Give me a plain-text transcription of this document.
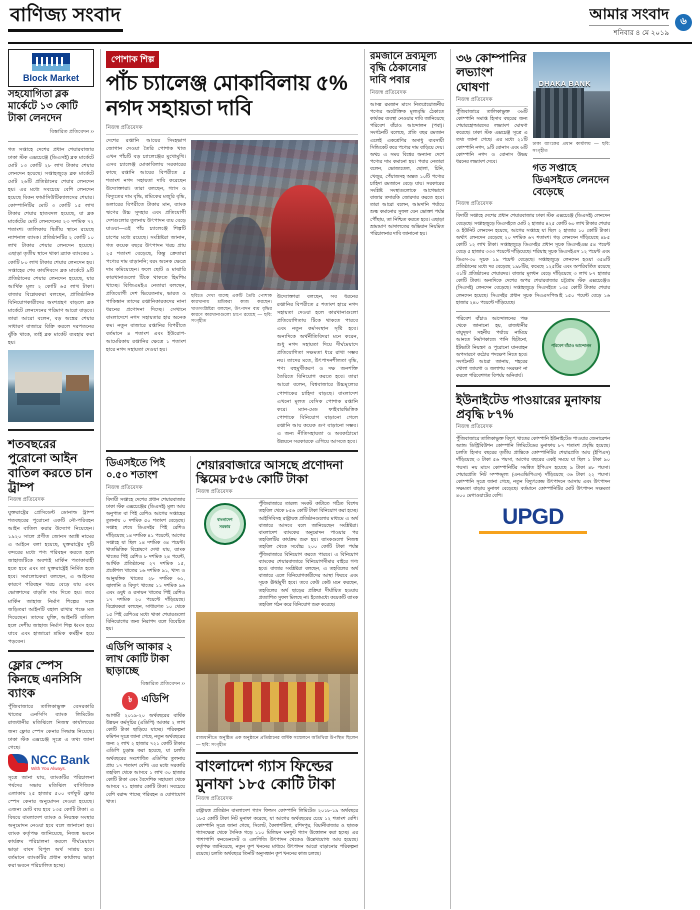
বাণিজ্য সংবাদ	আমার সংবাদ
শনিবার ৪ মে ২০১৯
৬
Block Market
সহযোগিতা ব্লক মার্কেটে ১৩ কোটি টাকা লেনদেন
বিস্তারিত প্রতিবেদন ››
গত সপ্তাহে দেশের প্রধান শেয়ারবাজার ঢাকা স্টক এক্সচেঞ্জে (ডিএসই) ব্লক মার্কেটে মোট ১৩ কোটি ২৮ লাখ টাকার শেয়ার লেনদেন হয়েছে। সপ্তাহজুড়ে ব্লক মার্কেটে মোট ২৬টি প্রতিষ্ঠানের শেয়ার লেনদেন হয়। এর মধ্যে সবচেয়ে বেশি লেনদেন হয়েছে বিকন ফার্মাসিউটিক্যালসের শেয়ার। কোম্পানিটির মোট ৩ কোটি ১৫ লাখ টাকার শেয়ার হাতবদল হয়েছে, যা ব্লক মার্কেটের মোট লেনদেনের ২৩ দশমিক ৭২ শতাংশ। তালিকায় দ্বিতীয় স্থানে রয়েছে ন্যাশনাল ব্যাংক। প্রতিষ্ঠানটির ২ কোটি ১০ লাখ টাকার শেয়ার লেনদেন হয়েছে। এছাড়া তৃতীয় স্থানে থাকা ব্র্যাক ব্যাংকের ১ কোটি ৮০ লাখ টাকার শেয়ার লেনদেন হয়। সপ্তাহের শেষ কার্যদিবসে ব্লক মার্কেটে ৯টি প্রতিষ্ঠানের শেয়ার লেনদেন হয়েছে, যার আর্থিক মূল্য ২ কোটি ৬৫ লাখ টাকা। বাজার বিশ্লেষকরা বলছেন, প্রাতিষ্ঠানিক বিনিয়োগকারীদের অংশগ্রহণ বাড়লে ব্লক মার্কেটে লেনদেনের পরিমাণ আরো বাড়বে। তারা আরো বলেন, বড় অঙ্কের শেয়ার সাধারণ বাজারে বিক্রি করলে দরপতনের ঝুঁকি থাকে, তাই ব্লক মার্কেট ব্যবহার করা হয়।
শতবছরের পুরোনো আইন বাতিল করতে চান ট্রাম্প
নিজস্ব প্রতিবেদক
যুক্তরাষ্ট্রের প্রেসিডেন্ট ডোনাল্ড ট্রাম্প শতবছরের পুরোনো একটি নৌ-পরিবহন আইন বাতিল করার উদ্যোগ নিয়েছেন। ১৯২০ সালে প্রণীত জোনস অ্যাক্ট নামের এ আইনে বলা হয়েছে, যুক্তরাষ্ট্রের দুটি বন্দরের মধ্যে পণ্য পরিবহন করতে হলে জাহাজটিকে অবশ্যই মার্কিন পতাকাবাহী হতে হবে এবং তা যুক্তরাষ্ট্রেই নির্মিত হতে হবে। সমালোচকরা বলছেন, এ আইনের কারণে পরিবহন খরচ বেড়ে যায় এবং ভোক্তাদের বাড়তি দাম দিতে হয়। তবে মার্কিন জাহাজ নির্মাণ শিল্পের সঙ্গে জড়িতরা আইনটি বহাল রাখার পক্ষে মত দিয়েছেন। তাদের যুক্তি, আইনটি বাতিল হলে দেশীয় জাহাজ নির্মাণ শিল্প ধ্বংস হয়ে যাবে এবং হাজারো শ্রমিক কর্মহীন হয়ে পড়বেন।
ফ্লোর স্পেস কিনছে এনসিসি ব্যাংক
পুঁজিবাজারে তালিকাভুক্ত বেসরকারি খাতের এনসিসি ব্যাংক লিমিটেড রাজধানীর মতিঝিলে নিজস্ব কার্যালয়ের জন্য ফ্লোর স্পেস কেনার সিদ্ধান্ত নিয়েছে। ঢাকা স্টক এক্সচেঞ্জ সূত্রে এ তথ্য জানা গেছে।
NCC Bank
With You Always.
সূত্রে জানা যায়, ব্যাংকটির পরিচালনা পর্ষদের সভায় মতিঝিল বাণিজ্যিক এলাকায় ২৫ হাজার ৫০০ বর্গফুট ফ্লোর স্পেস কেনার অনুমোদন দেওয়া হয়েছে। এজন্য মোট ব্যয় হবে ১৩৫ কোটি টাকা। এ বিষয়ে বাংলাদেশ ব্যাংক ও নিয়ন্ত্রক সংস্থার অনুমোদন নেওয়া হবে বলে জানানো হয়। ব্যাংক কর্তৃপক্ষ জানিয়েছে, নিজস্ব ভবনে কার্যক্রম পরিচালনা করলে দীর্ঘমেয়াদে ভাড়া বাবদ বিপুল অর্থ সাশ্রয় হবে। বর্তমানে ব্যাংকটির প্রধান কার্যালয় ভাড়া করা ভবনে পরিচালিত হচ্ছে।
পোশাক শিল্প
পাঁচ চ্যালেঞ্জ মোকাবিলায় ৫% নগদ সহায়তা দাবি
নিজস্ব প্রতিবেদক
দেশের রপ্তানি আয়ের সিংহভাগ জোগান দেওয়া তৈরি পোশাক খাত এখন পাঁচটি বড় চ্যালেঞ্জের মুখোমুখি। এসব চ্যালেঞ্জ মোকাবিলায় সরকারের কাছে রপ্তানি আয়ের বিপরীতে ৫ শতাংশ নগদ সহায়তা দাবি করেছেন উদ্যোক্তারা। তারা বলছেন, গ্যাস ও বিদ্যুতের দাম বৃদ্ধি, শ্রমিকের মজুরি বৃদ্ধি, ডলারের বিপরীতে টাকার মান, ব্যাংক ঋণের উচ্চ সুদহার এবং প্রতিযোগী দেশগুলোর তুলনায় উৎপাদন ব্যয় বেড়ে যাওয়া—এই পাঁচ চ্যালেঞ্জে শিল্পটি চাপের মধ্যে রয়েছে। সংশ্লিষ্টরা জানান, গত কয়েক বছরে উৎপাদন খরচ প্রায় ২৫ শতাংশ বেড়েছে, কিন্তু ক্রেতারা পণ্যের দাম বাড়াননি; বরং অনেক ক্ষেত্রে দাম কমিয়েছেন। ফলে ছোট ও মাঝারি কারখানাগুলো টিকে থাকতে হিমশিম খাচ্ছে। বিজিএমইএ নেতারা বলছেন, প্রতিযোগী দেশ ভিয়েতনাম, ভারত ও পাকিস্তান তাদের রপ্তানিকারকদের নানা ধরনের প্রণোদনা দিচ্ছে। সেখানে বাংলাদেশে নগদ সহায়তার হার অনেক কম। নতুন বাজারে রপ্তানির বিপরীতে বর্তমানে ৪ শতাংশ এবং ইউরোপ-আমেরিকায় রপ্তানির ক্ষেত্রে ১ শতাংশ হারে নগদ সহায়তা দেওয়া হয়।
ছবিতে দেখা যাচ্ছে একটি তৈরি পোশাক কারখানায় শ্রমিকরা কাজ করছেন। খাতসংশ্লিষ্টরা বলছেন, উৎপাদন ব্যয় বৃদ্ধির কারণে কারখানাগুলো চাপে রয়েছে — ছবি: সংগৃহীত
উদ্যোক্তারা বলছেন, সব ধরনের রপ্তানির বিপরীতে ৫ শতাংশ হারে নগদ সহায়তা দেওয়া হলে কারখানাগুলো প্রতিযোগিতায় টিকে থাকতে পারবে এবং নতুন কর্মসংস্থান সৃষ্টি হবে। অন্যদিকে অর্থনীতিবিদরা মনে করেন, শুধু নগদ সহায়তা দিয়ে দীর্ঘমেয়াদে প্রতিযোগিতা সক্ষমতা ধরে রাখা সম্ভব নয়। তাদের মতে, উৎপাদনশীলতা বৃদ্ধি, পণ্য বহুমুখীকরণ ও দক্ষ জনশক্তি তৈরিতে বিনিয়োগ করতে হবে। তারা আরো বলেন, বিশ্ববাজারে উচ্চমূল্যের পোশাকের চাহিদা বাড়ছে। বাংলাদেশ এখনো মূলত বেসিক পোশাক রপ্তানি করে। ম্যান-মেড ফাইবারভিত্তিক পোশাকে বিনিয়োগ বাড়ানো গেলে রপ্তানি আয় কয়েক গুণ বাড়ানো সম্ভব। এ জন্য নীতিসহায়তা ও অবকাঠামো উন্নয়নে সরকারকে এগিয়ে আসতে হবে।
ডিএসইতে পিই ০.৫০ শতাংশ
নিজস্ব প্রতিবেদক
বিদায়ী সপ্তাহে দেশের প্রধান শেয়ারবাজার ঢাকা স্টক এক্সচেঞ্জের (ডিএসই) মূল্য আয় অনুপাত বা পিই রেশিও আগের সপ্তাহের তুলনায় ০ দশমিক ৫০ শতাংশ বেড়েছে। সপ্তাহ শেষে ডিএসইর পিই রেশিও দাঁড়িয়েছে ১৪ দশমিক ৪১ পয়েন্টে, আগের সপ্তাহে যা ছিল ১৪ দশমিক ৩৪ পয়েন্ট। খাতভিত্তিক বিশ্লেষণে দেখা যায়, ব্যাংক খাতের পিই রেশিও ৮ দশমিক ২৪ পয়েন্ট, আর্থিক প্রতিষ্ঠানের ২৭ দশমিক ১৫, প্রকৌশল খাতের ১৬ দশমিক ৯১, খাদ্য ও আনুষঙ্গিক খাতের ২৮ দশমিক ৬১, জ্বালানি ও বিদ্যুৎ খাতের ১১ দশমিক ৯৬ এবং ওষুধ ও রসায়ন খাতের পিই রেশিও ১৭ দশমিক ২০ পয়েন্টে দাঁড়িয়েছে। বিশ্লেষকরা বলছেন, সাধারণত ১০ থেকে ১৫ পিই রেশিওর মধ্যে থাকা শেয়ারগুলো বিনিয়োগের জন্য নিরাপদ বলে বিবেচিত হয়।
এডিপি আকার ২ লাখ কোটি টাকা ছাড়াচ্ছে
বিস্তারিত প্রতিবেদন ››
৳ এডিপি
আগামী ২০১৯-২০ অর্থবছরের বার্ষিক উন্নয়ন কর্মসূচির (এডিপি) আকার ২ লাখ কোটি টাকা ছাড়িয়ে যাচ্ছে। পরিকল্পনা কমিশন সূত্রে জানা গেছে, নতুন অর্থবছরের জন্য ২ লাখ ২ হাজার ৭২১ কোটি টাকার এডিপি চূড়ান্ত করা হয়েছে, যা চলতি অর্থবছরের সংশোধিত এডিপির তুলনায় প্রায় ১৭ শতাংশ বেশি। এর মধ্যে সরকারি তহবিল থেকে আসবে ১ লাখ ৩০ হাজার কোটি টাকা এবং বৈদেশিক সহায়তা থেকে আসবে ৭১ হাজার কোটি টাকা। সবচেয়ে বেশি বরাদ্দ পাচ্ছে পরিবহন ও যোগাযোগ খাত।
শেয়ারবাজারে আসছে প্রণোদনা স্কিমের ৮৫৬ কোটি টাকা
নিজস্ব প্রতিবেদক
বাংলাদেশ
সরকার
পুঁজিবাজারে তারল্য সংকট কাটাতে গঠিত বিশেষ তহবিল থেকে ৮৫৬ কোটি টাকা বিনিয়োগ করা হচ্ছে। আইসিবিসহ রাষ্ট্রায়ত্ত প্রতিষ্ঠানগুলোর মাধ্যমে এ অর্থ বাজারে আসবে বলে জানিয়েছেন সংশ্লিষ্টরা। বাংলাদেশ ব্যাংকের অনুমোদন পাওয়ার পর তহবিলটির কার্যক্রম শুরু হয়। ব্যাংকগুলো নিজস্ব তহবিল থেকে সর্বোচ্চ ২০০ কোটি টাকা পর্যন্ত পুঁজিবাজারে বিনিয়োগ করতে পারবে। এ বিনিয়োগ ব্যাংকের শেয়ারবাজারে বিনিয়োগসীমার বাইরে গণ্য হবে। বাজার সংশ্লিষ্টরা বলছেন, এ তহবিলের অর্থ বাজারে এলে বিনিয়োগকারীদের আস্থা ফিরবে এবং সূচক ঊর্ধ্বমুখী হবে। তবে কেউ কেউ মনে করছেন, তহবিলের অর্থ ছাড়ের প্রক্রিয়া দীর্ঘায়িত হওয়ায় প্রত্যাশিত সুফল মিলছে না। ইতোমধ্যে কয়েকটি ব্যাংক তহবিল গঠন করে বিনিয়োগ শুরু করেছে।
রাজধানীতে অনুষ্ঠিত এক অনুষ্ঠানে প্রতিষ্ঠানের বার্ষিক সম্মেলনে অতিথিরা উপস্থিত ছিলেন — ছবি: সংগৃহীত
বাংলাদেশ গ্যাস ফিল্ডের মুনাফা ১৮৫ কোটি টাকা
নিজস্ব প্রতিবেদক
রাষ্ট্রায়ত্ত প্রতিষ্ঠান বাংলাদেশ গ্যাস ফিল্ডস কোম্পানি লিমিটেড ২০১৮-১৯ অর্থবছরে ১৮৫ কোটি টাকা নিট মুনাফা করেছে, যা আগের অর্থবছরের চেয়ে ১২ শতাংশ বেশি। কোম্পানি সূত্রে জানা গেছে, সিলেট, কৈলাশটিলা, রশিদপুর, বিয়ানীবাজার ও ছাতক গ্যাসক্ষেত্র থেকে দৈনিক গড়ে ১১০ মিলিয়ন ঘনফুট গ্যাস উত্তোলন করা হচ্ছে। এর পাশাপাশি কনডেনসেট ও এলপিজি উৎপাদন থেকেও উল্লেখযোগ্য আয় হয়েছে। কর্তৃপক্ষ জানিয়েছে, নতুন কূপ খননের মাধ্যমে উৎপাদন আরো বাড়ানোর পরিকল্পনা রয়েছে। চলতি অর্থবছরে তিনটি অনুসন্ধান কূপ খননের কাজ চলছে।
রমজানে দ্রব্যমূল্য বৃদ্ধি ঠেকানোর দাবি পবার
নিজস্ব প্রতিবেদক
আসন্ন রমজান মাসে নিত্যপ্রয়োজনীয় পণ্যের অযৌক্তিক মূল্যবৃদ্ধি ঠেকাতে কার্যকর ব্যবস্থা নেওয়ার দাবি জানিয়েছে পরিবেশ বাঁচাও আন্দোলন (পবা)। সংগঠনটি বলেছে, প্রতি বছর রমজান এলেই একশ্রেণির অসাধু ব্যবসায়ী সিন্ডিকেট করে পণ্যের দাম বাড়িয়ে দেয়। অথচ এ সময় বিশ্বের অন্যান্য দেশে পণ্যের দাম কমানো হয়। পবার নেতারা বলেন, ভোজ্যতেল, ছোলা, চিনি, খেজুর, পেঁয়াজসহ অন্তত ১০টি পণ্যের চাহিদা রমজানে বেড়ে যায়। সরকারের সংশ্লিষ্ট সংস্থাগুলোকে আগেভাগে বাজার তদারকি জোরদার করতে হবে। তারা আরো বলেন, আমদানি পর্যায়ে শুল্ক কমানোর সুফল যেন ভোক্তা পর্যন্ত পৌঁছায়, তা নিশ্চিত করতে হবে। এছাড়া ভ্রাম্যমাণ আদালতের অভিযান নিয়মিত পরিচালনার দাবি জানানো হয়।
৩৬ কোম্পানির লভ্যাংশ ঘোষণা
নিজস্ব প্রতিবেদক
পুঁজিবাজারে তালিকাভুক্ত ৩৬টি কোম্পানি সমাপ্ত হিসাব বছরের জন্য শেয়ারহোল্ডারদের লভ্যাংশ ঘোষণা করেছে। ঢাকা স্টক এক্সচেঞ্জ সূত্রে এ তথ্য জানা গেছে। এর মধ্যে ২১টি কোম্পানি নগদ, ৯টি বোনাস এবং ৬টি কোম্পানি নগদ ও বোনাস উভয় ধরনের লভ্যাংশ দেবে।
DHAKA BANK
ঢাকা ব্যাংকের প্রধান কার্যালয় — ছবি: সংগৃহীত
গত সপ্তাহে ডিএসইতে লেনদেন বেড়েছে
নিজস্ব প্রতিবেদক
বিদায়ী সপ্তাহে দেশের প্রধান শেয়ারবাজার ঢাকা স্টক এক্সচেঞ্জে (ডিএসই) লেনদেন বেড়েছে। সপ্তাহজুড়ে ডিএসইতে মোট ২ হাজার ৪২৫ কোটি ৬০ লাখ টাকার শেয়ার ও ইউনিট লেনদেন হয়েছে, আগের সপ্তাহে যা ছিল ২ হাজার ১০ কোটি টাকা। অর্থাৎ লেনদেন বেড়েছে ২০ দশমিক ৬৭ শতাংশ। গড় লেনদেন দাঁড়িয়েছে ৪৮৫ কোটি ১২ লাখ টাকা। সপ্তাহজুড়ে ডিএসইর প্রধান সূচক ডিএসইএক্স ৫৪ পয়েন্ট বেড়ে ৫ হাজার ৩৩৩ পয়েন্টে দাঁড়িয়েছে। শরিয়াহ সূচক ডিএসইএস ১২ পয়েন্ট এবং ডিএস-৩০ সূচক ১৯ পয়েন্ট বেড়েছে। সপ্তাহজুড়ে লেনদেন হওয়া ৩৫৪টি প্রতিষ্ঠানের মধ্যে দর বেড়েছে ১৯৮টির, কমেছে ১২৫টির এবং অপরিবর্তিত রয়েছে ৩১টি প্রতিষ্ঠানের শেয়ারদর। বাজার মূলধন বেড়ে দাঁড়িয়েছে ৩ লাখ ৮৭ হাজার কোটি টাকা। অন্যদিকে দেশের অপর শেয়ারবাজার চট্টগ্রাম স্টক এক্সচেঞ্জেও (সিএসই) লেনদেন বেড়েছে। সপ্তাহজুড়ে সিএসইতে ১৩৫ কোটি টাকার শেয়ার লেনদেন হয়েছে। সিএসইর প্রধান সূচক সিএএসপিআই ১৫০ পয়েন্ট বেড়ে ১৬ হাজার ২৪০ পয়েন্টে দাঁড়িয়েছে।
পরিবেশ বাঁচাও আন্দোলনের পক্ষ থেকে জানানো হয়, রাজধানীর বায়ুদূষণ সহনীয় পর্যায়ে নামিয়ে আনতে নির্মাণকাজে পানি ছিটানো, ইটভাটা নিয়ন্ত্রণ ও পুরোনো যানবাহন অপসারণে কঠোর পদক্ষেপ নিতে হবে। সংগঠনটি আরো জানায়, শহরের খোলা জায়গা ও জলাশয় সংরক্ষণ না করলে পরিবেশগত বিপর্যয় অনিবার্য।
পরিবেশ বাঁচাও আন্দোলন
ইউনাইটেড পাওয়ারের মুনাফায় প্রবৃদ্ধি ৮৭%
নিজস্ব প্রতিবেদক
পুঁজিবাজারে তালিকাভুক্ত বিদ্যুৎ খাতের কোম্পানি ইউনাইটেড পাওয়ার জেনারেশন অ্যান্ড ডিস্ট্রিবিউশন কোম্পানি লিমিটেডের মুনাফায় ৮৭ শতাংশ প্রবৃদ্ধি হয়েছে। চলতি হিসাব বছরের তৃতীয় প্রান্তিকে কোম্পানিটির শেয়ারপ্রতি আয় (ইপিএস) দাঁড়িয়েছে ৩ টাকা ৫৬ পয়সা, আগের বছরের একই সময়ে যা ছিল ১ টাকা ৯০ পয়সা। নয় মাসে কোম্পানিটির সমন্বিত ইপিএস হয়েছে ৯ টাকা ৪৮ পয়সা। শেয়ারপ্রতি নিট সম্পদমূল্য (এনএভিপিএস) দাঁড়িয়েছে ৩৬ টাকা ২২ পয়সা। কোম্পানি সূত্রে জানা গেছে, নতুন বিদ্যুৎকেন্দ্র উৎপাদনে আসায় এবং উৎপাদন সক্ষমতা বাড়ায় মুনাফা বেড়েছে। বর্তমানে কোম্পানিটির মোট উৎপাদন সক্ষমতা ৪০০ মেগাওয়াটের বেশি।
UPGD
